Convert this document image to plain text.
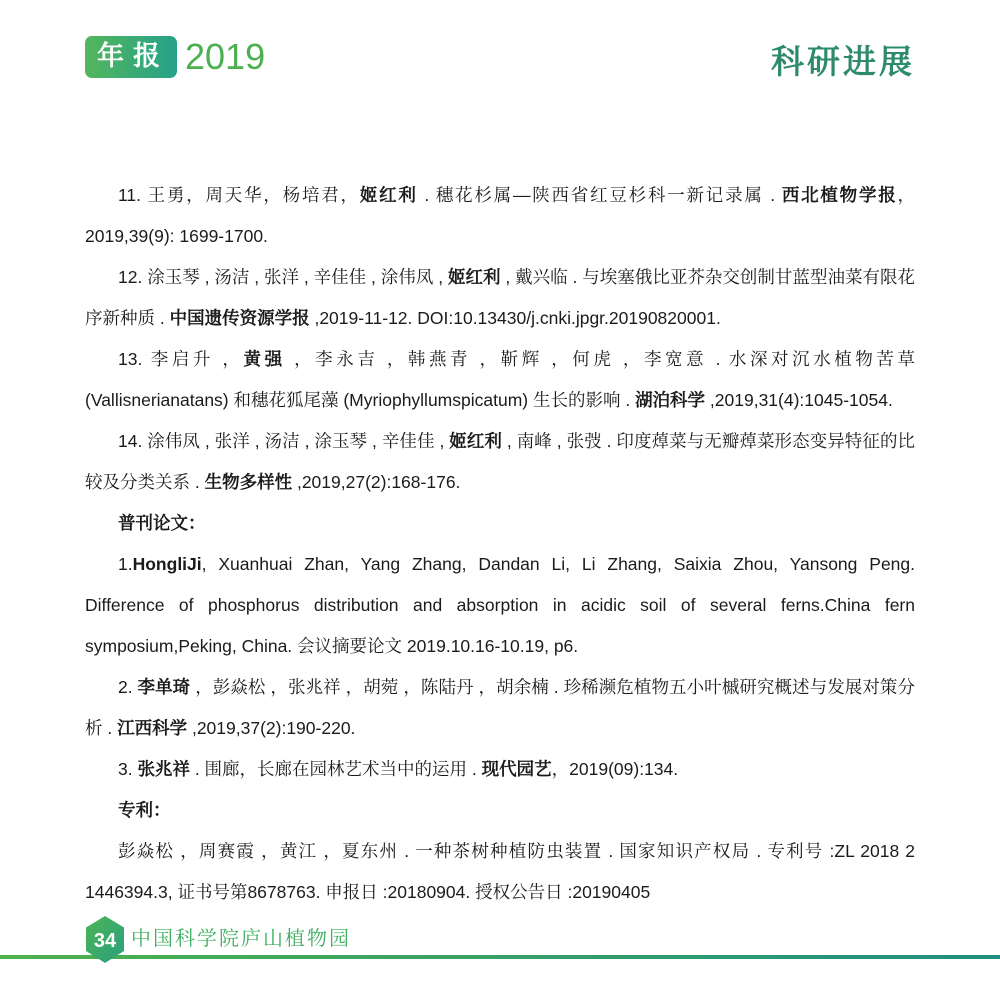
年报 2019	科研进展

11. 王勇，周天华，杨培君，姬红利 . 穗花杉属—陕西省红豆杉科一新记录属 . 西北植物学报， 2019,39(9): 1699-1700.

12. 涂玉琴 , 汤洁 , 张洋 , 辛佳佳 , 涂伟凤 , 姬红利 , 戴兴临 . 与埃塞俄比亚芥杂交创制甘蓝型油菜有限花序新种质 . 中国遗传资源学报 ,2019-11-12. DOI:10.13430/j.cnki.jpgr.20190820001.

13. 李启升 ，黄强 ，李永吉 ，韩燕青 ，靳辉 ，何虎 ，李宽意 . 水深对沉水植物苦草 (Vallisnerianatans) 和穗花狐尾藻 (Myriophyllumspicatum) 生长的影响 . 湖泊科学 ,2019,31(4):1045-1054.

14. 涂伟凤 , 张洋 , 汤洁 , 涂玉琴 , 辛佳佳 , 姬红利 , 南峰 , 张弢 . 印度蔊菜与无瓣蔊菜形态变异特征的比较及分类关系 . 生物多样性 ,2019,27(2):168-176.

普刊论文：

1.HongliJi, Xuanhuai Zhan, Yang Zhang, Dandan Li, Li Zhang, Saixia Zhou, Yansong Peng. Difference of phosphorus distribution and absorption in acidic soil of several ferns.China fern symposium,Peking, China. 会议摘要论文 2019.10.16-10.19, p6.

2. 李单琦 ，彭焱松 ，张兆祥 ，胡菀 ，陈陆丹 ，胡余楠 . 珍稀濒危植物五小叶槭研究概述与发展对策分析 . 江西科学 ,2019,37(2):190-220.

3. 张兆祥 . 围廊，长廊在园林艺术当中的运用 . 现代园艺，2019(09):134.

专利：

彭焱松 ，周赛霞 ，黄江 ，夏东州 . 一种茶树种植防虫装置 . 国家知识产权局 . 专利号 :ZL 2018 2 1446394.3, 证书号第8678763. 申报日 :20180904. 授权公告日 :20190405

34 中国科学院庐山植物园
